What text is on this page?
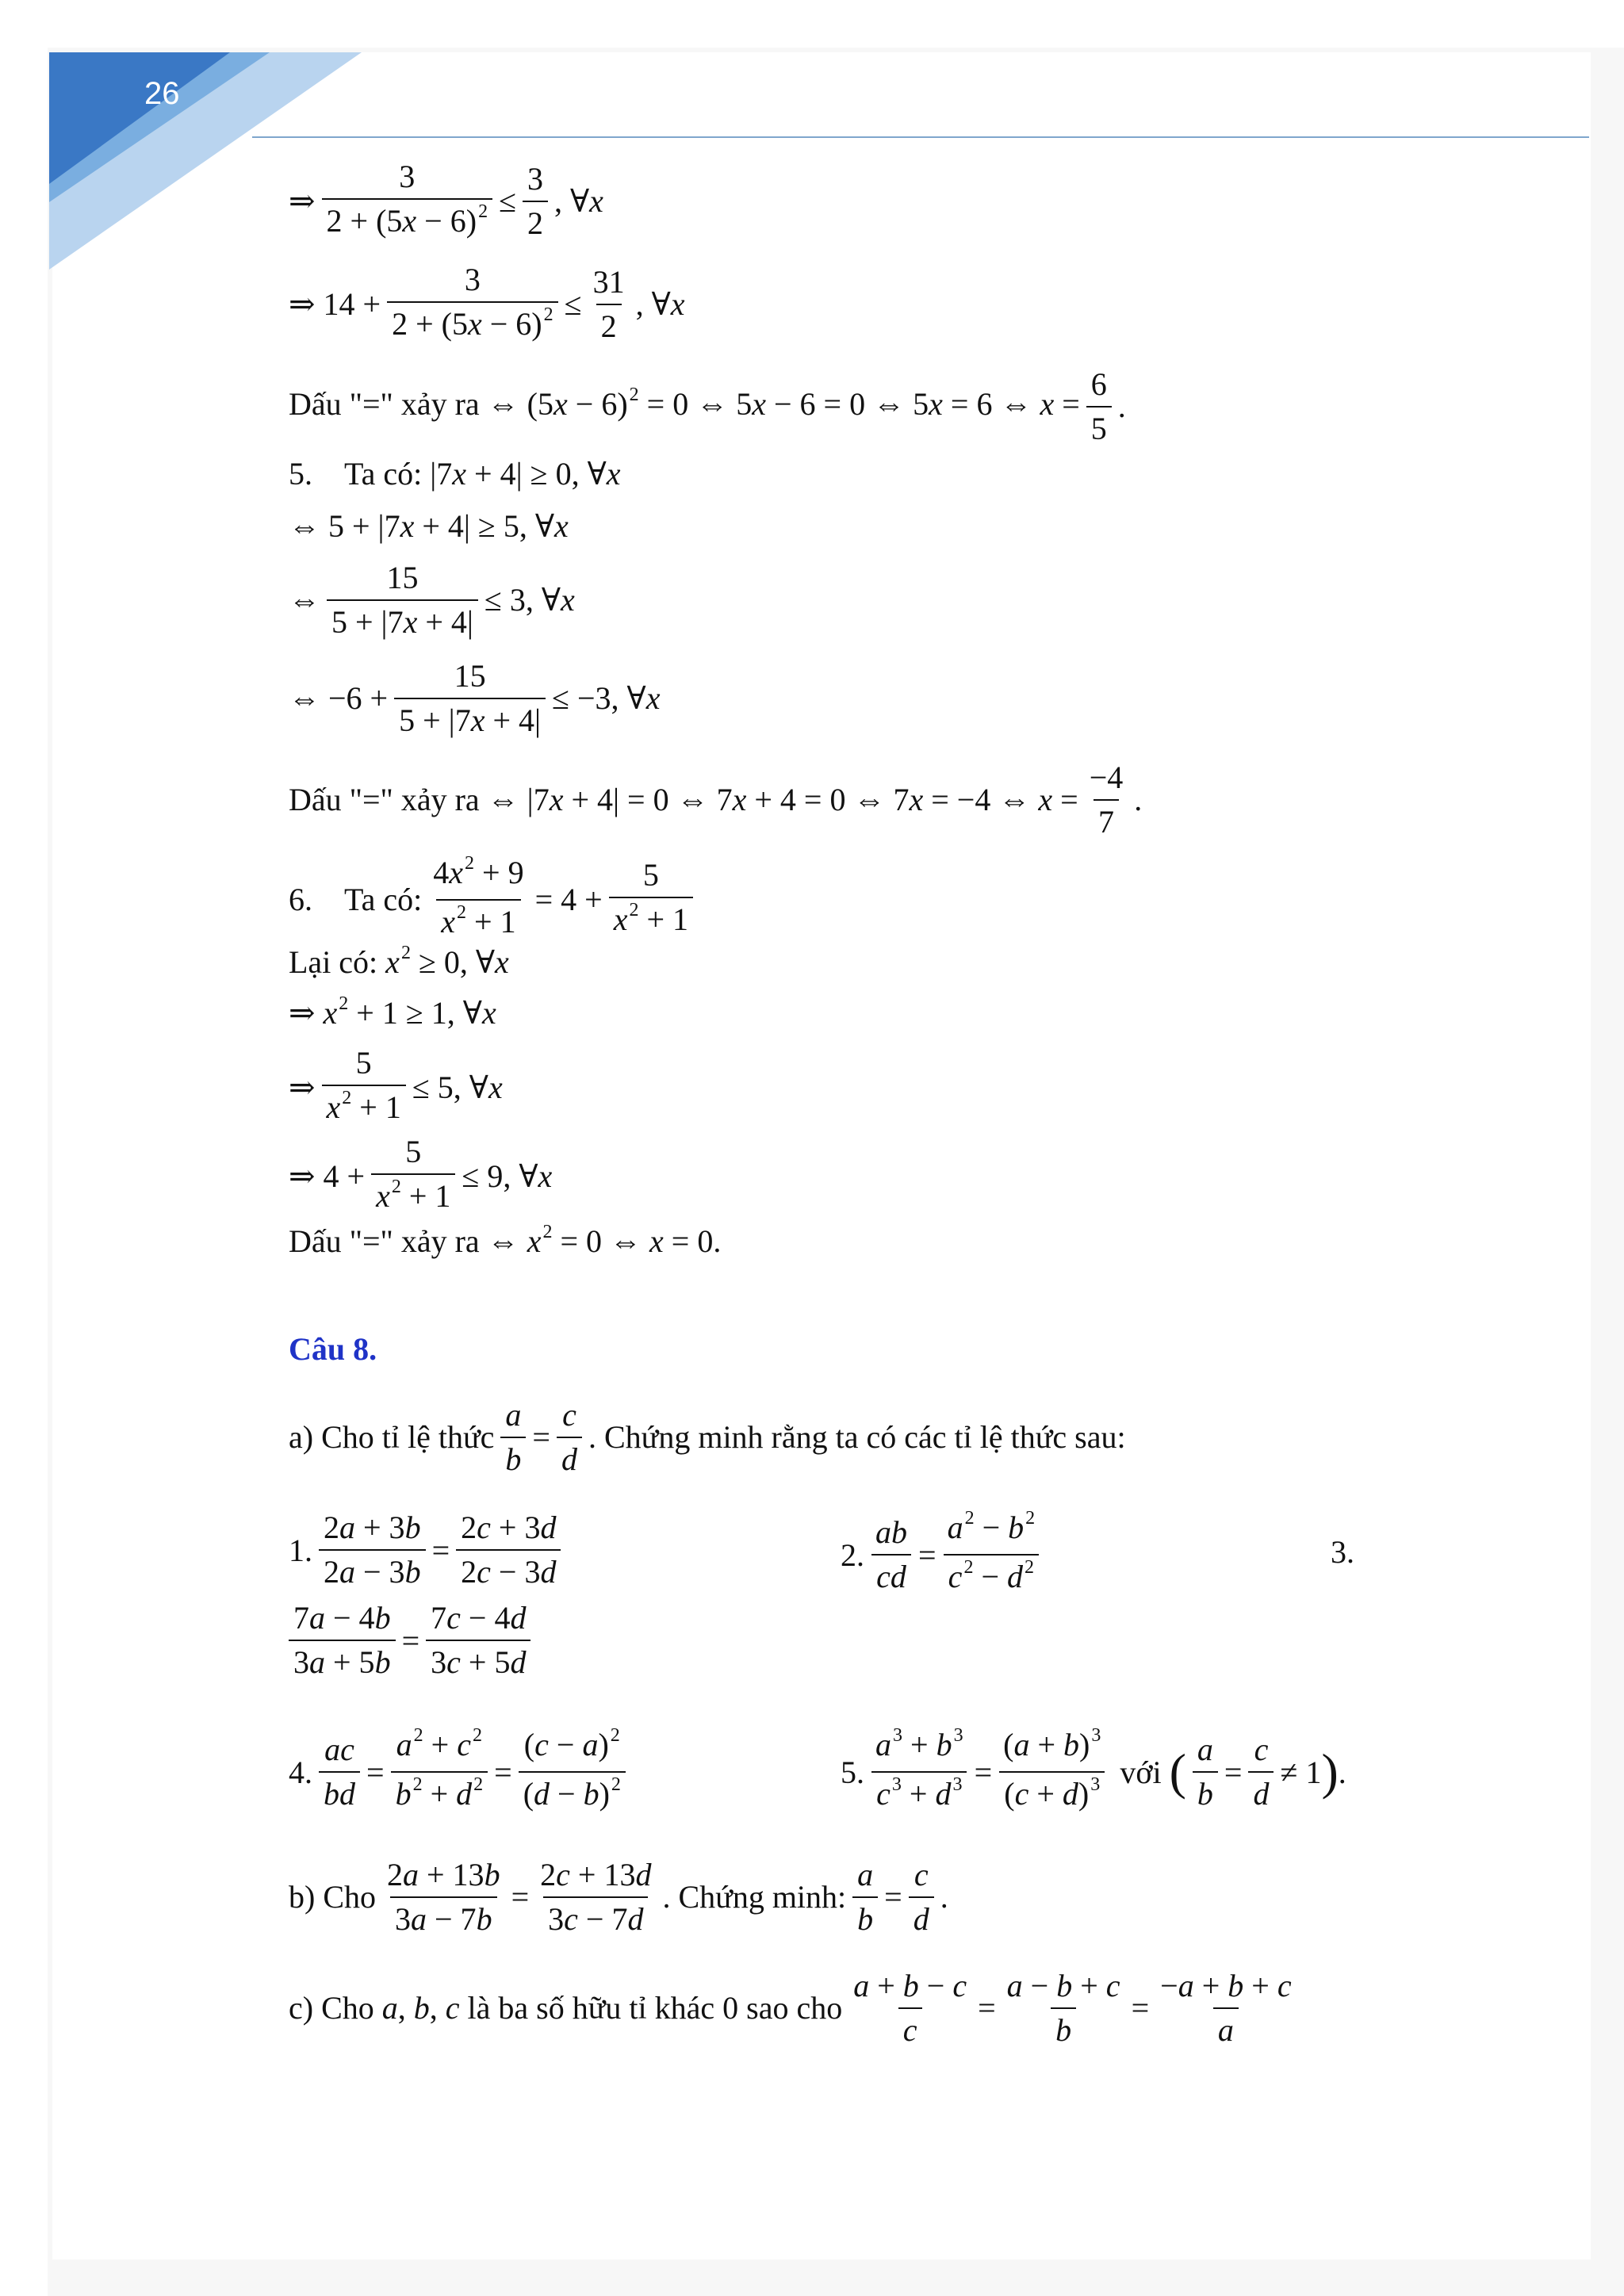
26
⇒ $\frac{3}{2 + (5x - 6)^2} \le \frac{3}{2}$ , ∀x
⇒ $14 + \frac{3}{2 + (5x - 6)^2} \le \frac{31}{2}$ , ∀x
Dấu "=" xảy ra ⇔ $(5x - 6)^2 = 0$ ⇔ 5x − 6 = 0 ⇔ 5x = 6 ⇔ $x = \frac{6}{5}$ .
5.    Ta có: |7x + 4| ≥ 0, ∀x
⇔ 5 + |7x + 4| ≥ 5, ∀x
⇔ $\frac{15}{5 + |7x + 4|} \le 3$, ∀x
⇔ $-6 + \frac{15}{5 + |7x + 4|} \le -3$, ∀x
Dấu "=" xảy ra ⇔ |7x + 4| = 0 ⇔ 7x + 4 = 0 ⇔ 7x = −4 ⇔ $x = \frac{-4}{7}$ .
6.    Ta có: $\frac{4x^2 + 9}{x^2 + 1} = 4 + \frac{5}{x^2 + 1}$
Lại có: $x^2 \ge 0$, ∀x
⇒ $x^2 + 1 \ge 1$, ∀x
⇒ $\frac{5}{x^2 + 1} \le 5$, ∀x
⇒ $4 + \frac{5}{x^2 + 1} \le 9$, ∀x
Dấu "=" xảy ra ⇔ $x^2 = 0$ ⇔ x = 0.
Câu 8.
a) Cho tỉ lệ thức $\frac{a}{b} = \frac{c}{d}$ . Chứng minh rằng ta có các tỉ lệ thức sau:
1. $\frac{2a + 3b}{2a - 3b} = \frac{2c + 3d}{2c - 3d}$	2. $\frac{ab}{cd} = \frac{a^2 - b^2}{c^2 - d^2}$	3.
$\frac{7a - 4b}{3a + 5b} = \frac{7c - 4d}{3c + 5d}$
4. $\frac{ac}{bd} = \frac{a^2 + c^2}{b^2 + d^2} = \frac{(c - a)^2}{(d - b)^2}$	5. $\frac{a^3 + b^3}{c^3 + d^3} = \frac{(a + b)^3}{(c + d)^3}$ với ( $\frac{a}{b} = \frac{c}{d} \ne 1$ ) .
b) Cho $\frac{2a + 13b}{3a - 7b} = \frac{2c + 13d}{3c - 7d}$ . Chứng minh: $\frac{a}{b} = \frac{c}{d}$ .
c) Cho a, b, c là ba số hữu tỉ khác 0 sao cho $\frac{a + b - c}{c} = \frac{a - b + c}{b} = \frac{-a + b + c}{a}$
